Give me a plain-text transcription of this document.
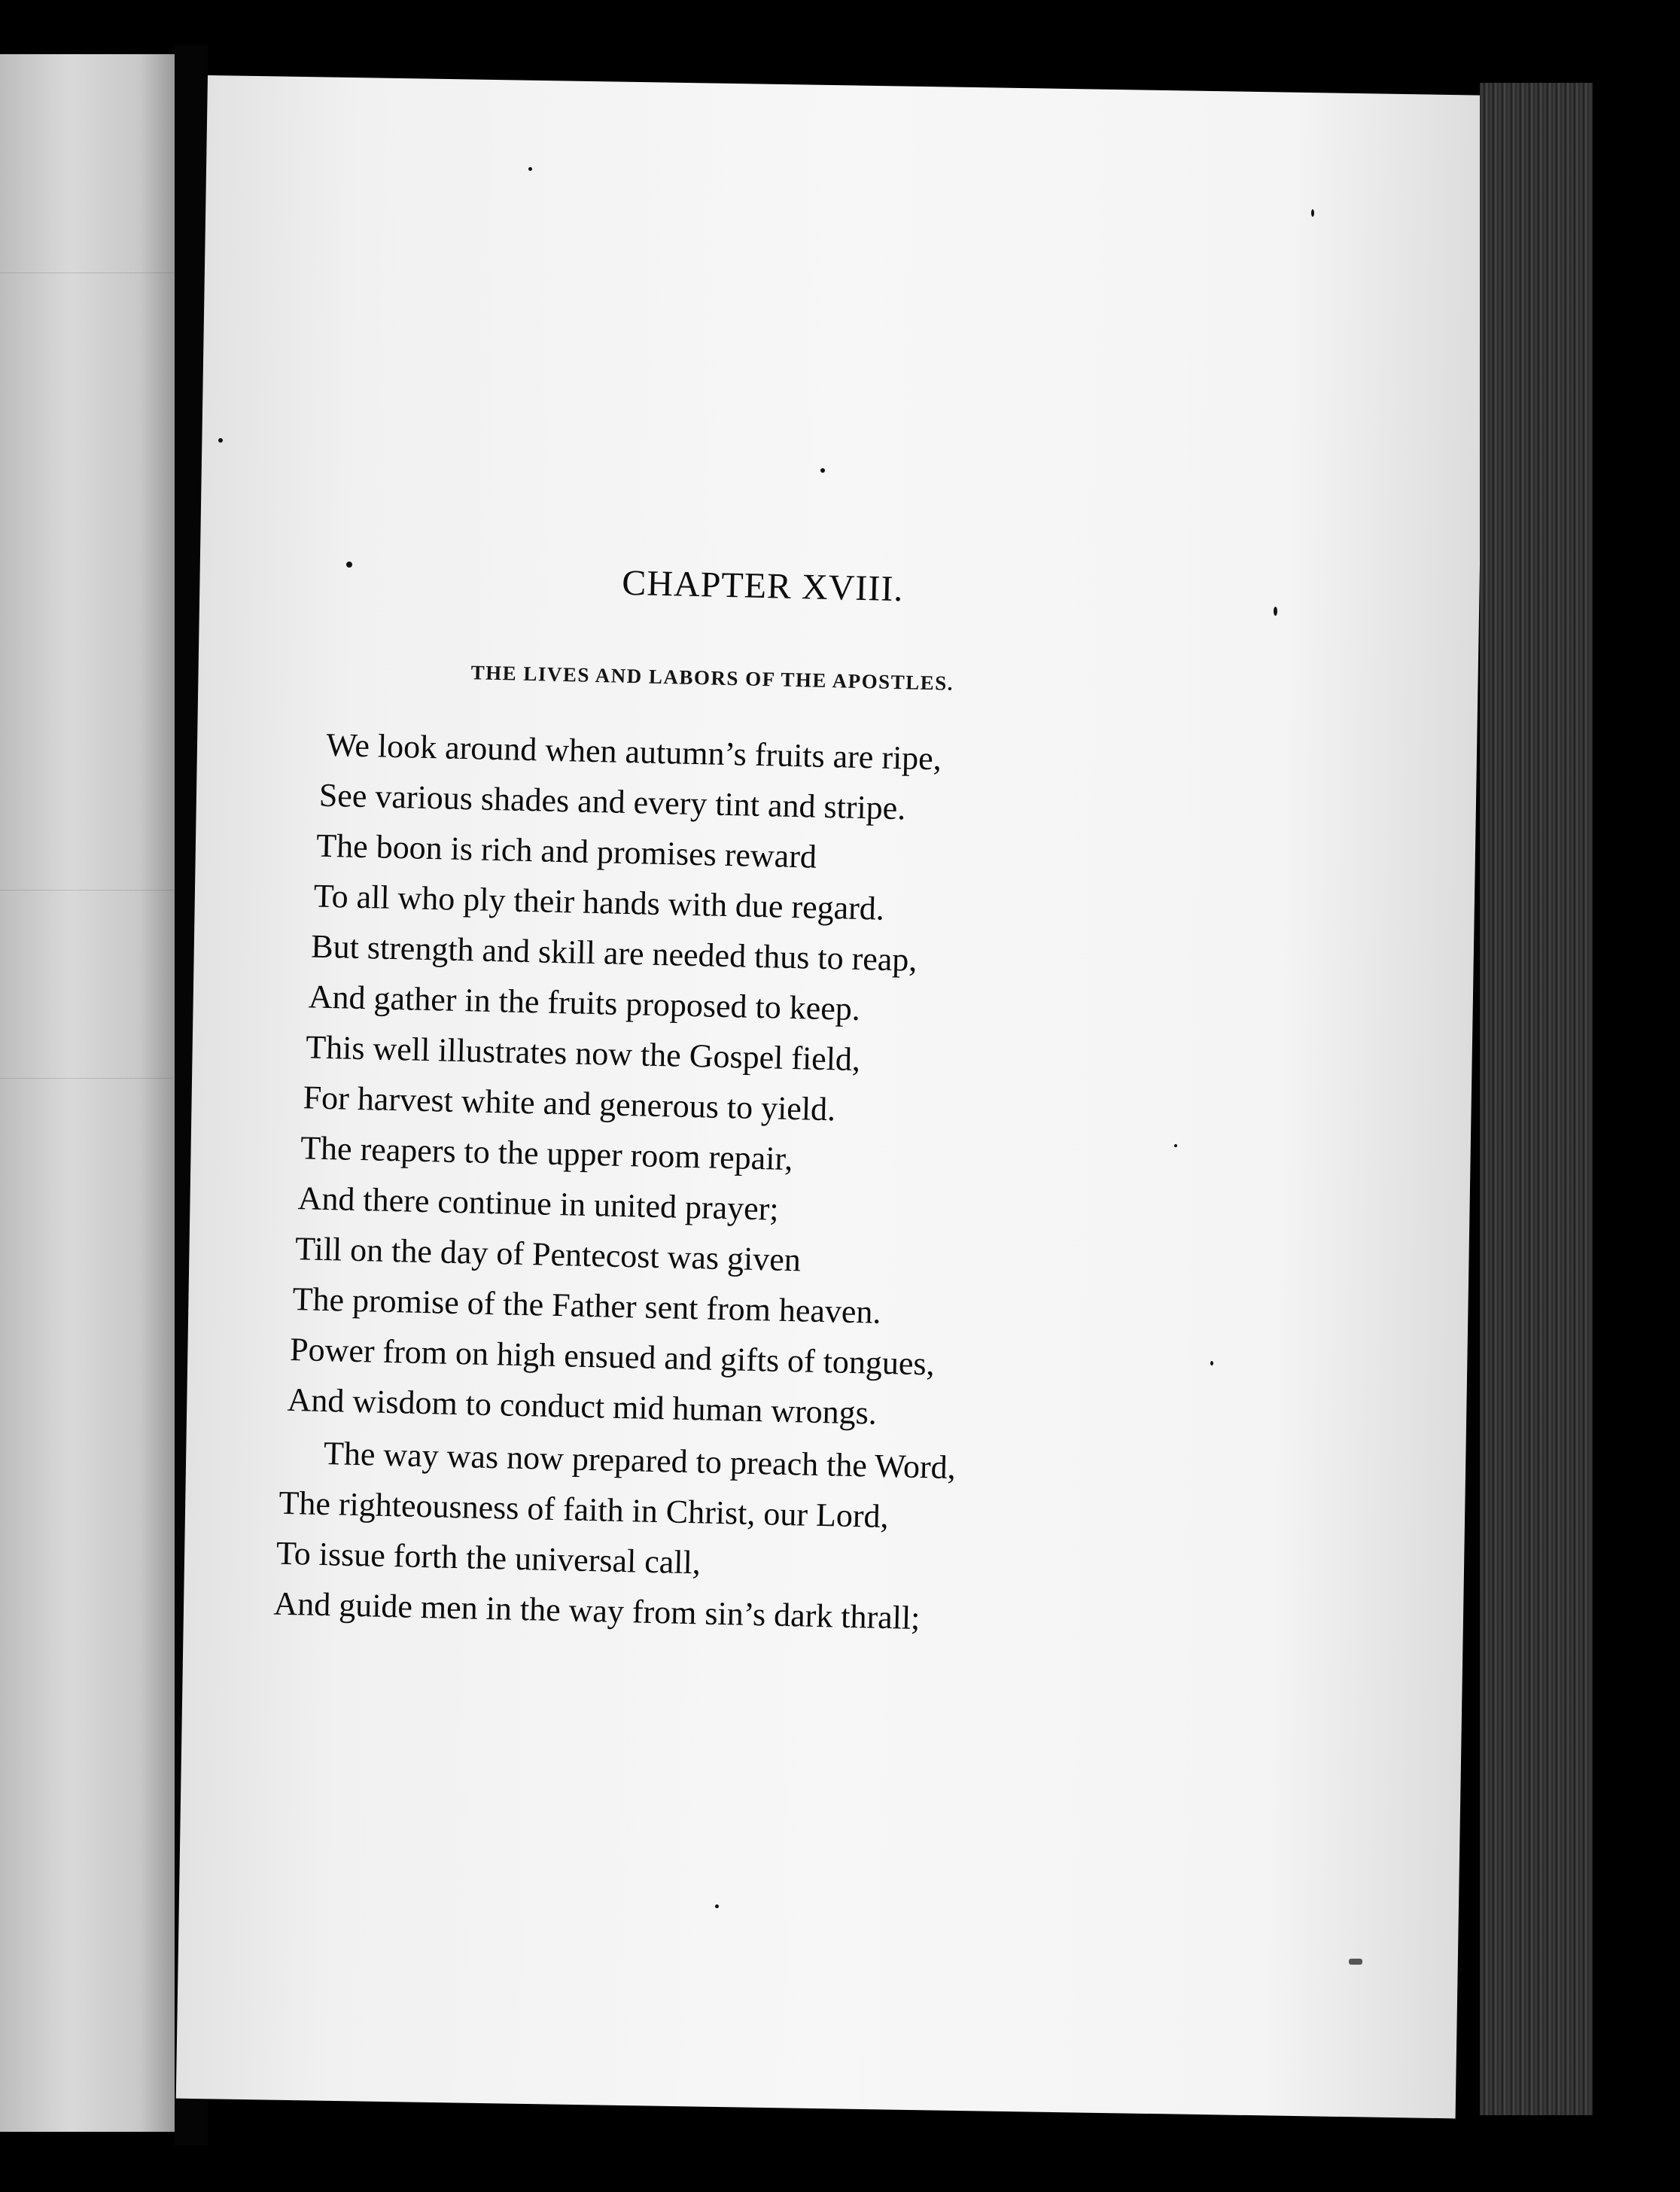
CHAPTER XVIII.
THE LIVES AND LABORS OF THE APOSTLES.
We look around when autumn’s fruits are ripe,
See various shades and every tint and stripe.
The boon is rich and promises reward
To all who ply their hands with due regard.
But strength and skill are needed thus to reap,
And gather in the fruits proposed to keep.
This well illustrates now the Gospel field,
For harvest white and generous to yield.
The reapers to the upper room repair,
And there continue in united prayer;
Till on the day of Pentecost was given
The promise of the Father sent from heaven.
Power from on high ensued and gifts of tongues,
And wisdom to conduct mid human wrongs.
The way was now prepared to preach the Word,
The righteousness of faith in Christ, our Lord,
To issue forth the universal call,
And guide men in the way from sin’s dark thrall;
